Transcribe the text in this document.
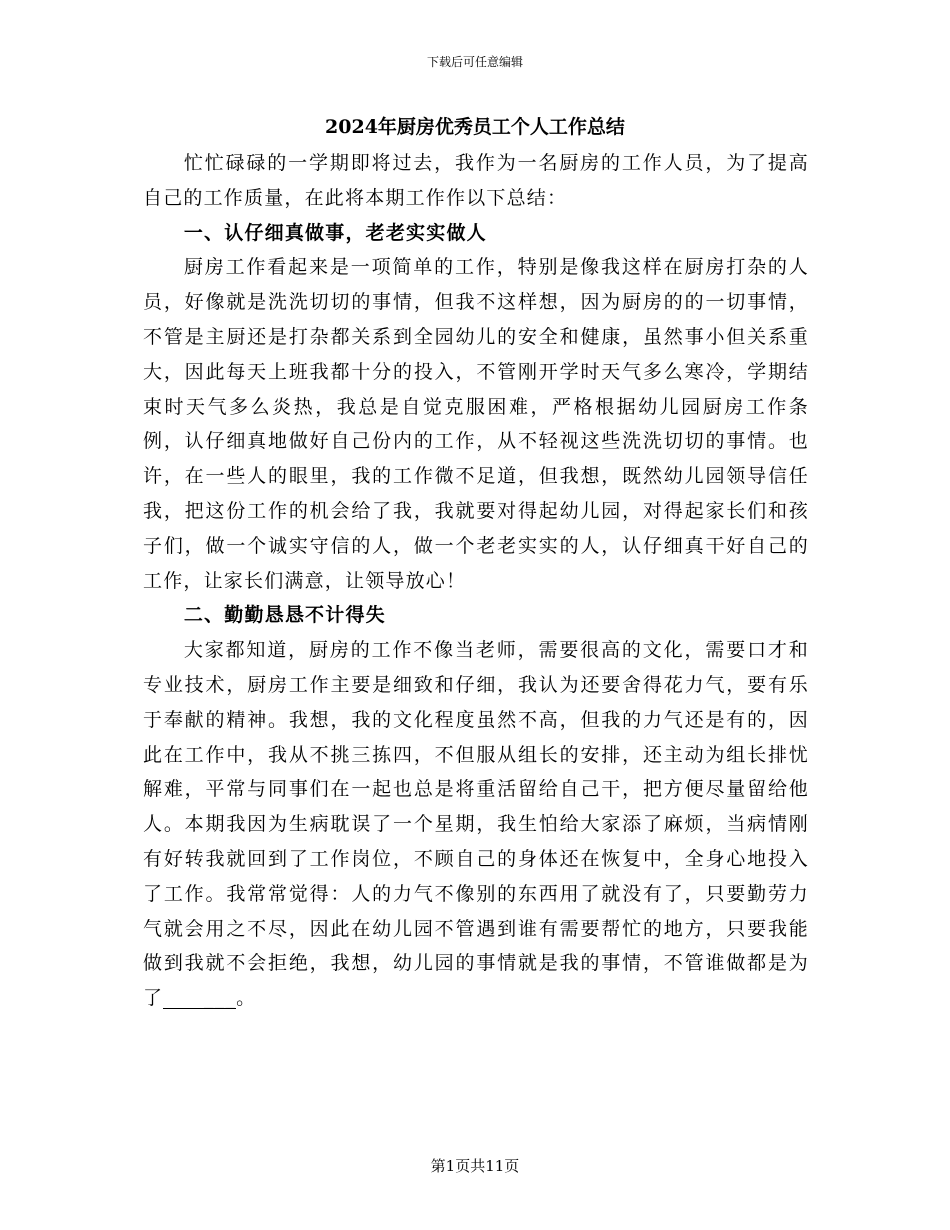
下载后可任意编辑
2024年厨房优秀员工个人工作总结

忙忙碌碌的一学期即将过去，我作为一名厨房的工作人员，为了提高自己的工作质量，在此将本期工作作以下总结：

一、认仔细真做事，老老实实做人

厨房工作看起来是一项简单的工作，特别是像我这样在厨房打杂的人员，好像就是洗洗切切的事情，但我不这样想，因为厨房的的一切事情，不管是主厨还是打杂都关系到全园幼儿的安全和健康，虽然事小但关系重大，因此每天上班我都十分的投入，不管刚开学时天气多么寒冷，学期结束时天气多么炎热，我总是自觉克服困难，严格根据幼儿园厨房工作条例，认仔细真地做好自己份内的工作，从不轻视这些洗洗切切的事情。也许，在一些人的眼里，我的工作微不足道，但我想，既然幼儿园领导信任我，把这份工作的机会给了我，我就要对得起幼儿园，对得起家长们和孩子们，做一个诚实守信的人，做一个老老实实的人，认仔细真干好自己的工作，让家长们满意，让领导放心！

二、勤勤恳恳不计得失

大家都知道，厨房的工作不像当老师，需要很高的文化，需要口才和专业技术，厨房工作主要是细致和仔细，我认为还要舍得花力气，要有乐于奉献的精神。我想，我的文化程度虽然不高，但我的力气还是有的，因此在工作中，我从不挑三拣四，不但服从组长的安排，还主动为组长排忧解难，平常与同事们在一起也总是将重活留给自己干，把方便尽量留给他人。本期我因为生病耽误了一个星期，我生怕给大家添了麻烦，当病情刚有好转我就回到了工作岗位，不顾自己的身体还在恢复中，全身心地投入了工作。我常常觉得：人的力气不像别的东西用了就没有了，只要勤劳力气就会用之不尽，因此在幼儿园不管遇到谁有需要帮忙的地方，只要我能做到我就不会拒绝，我想，幼儿园的事情就是我的事情，不管谁做都是为了 ___。

第1页共11页
